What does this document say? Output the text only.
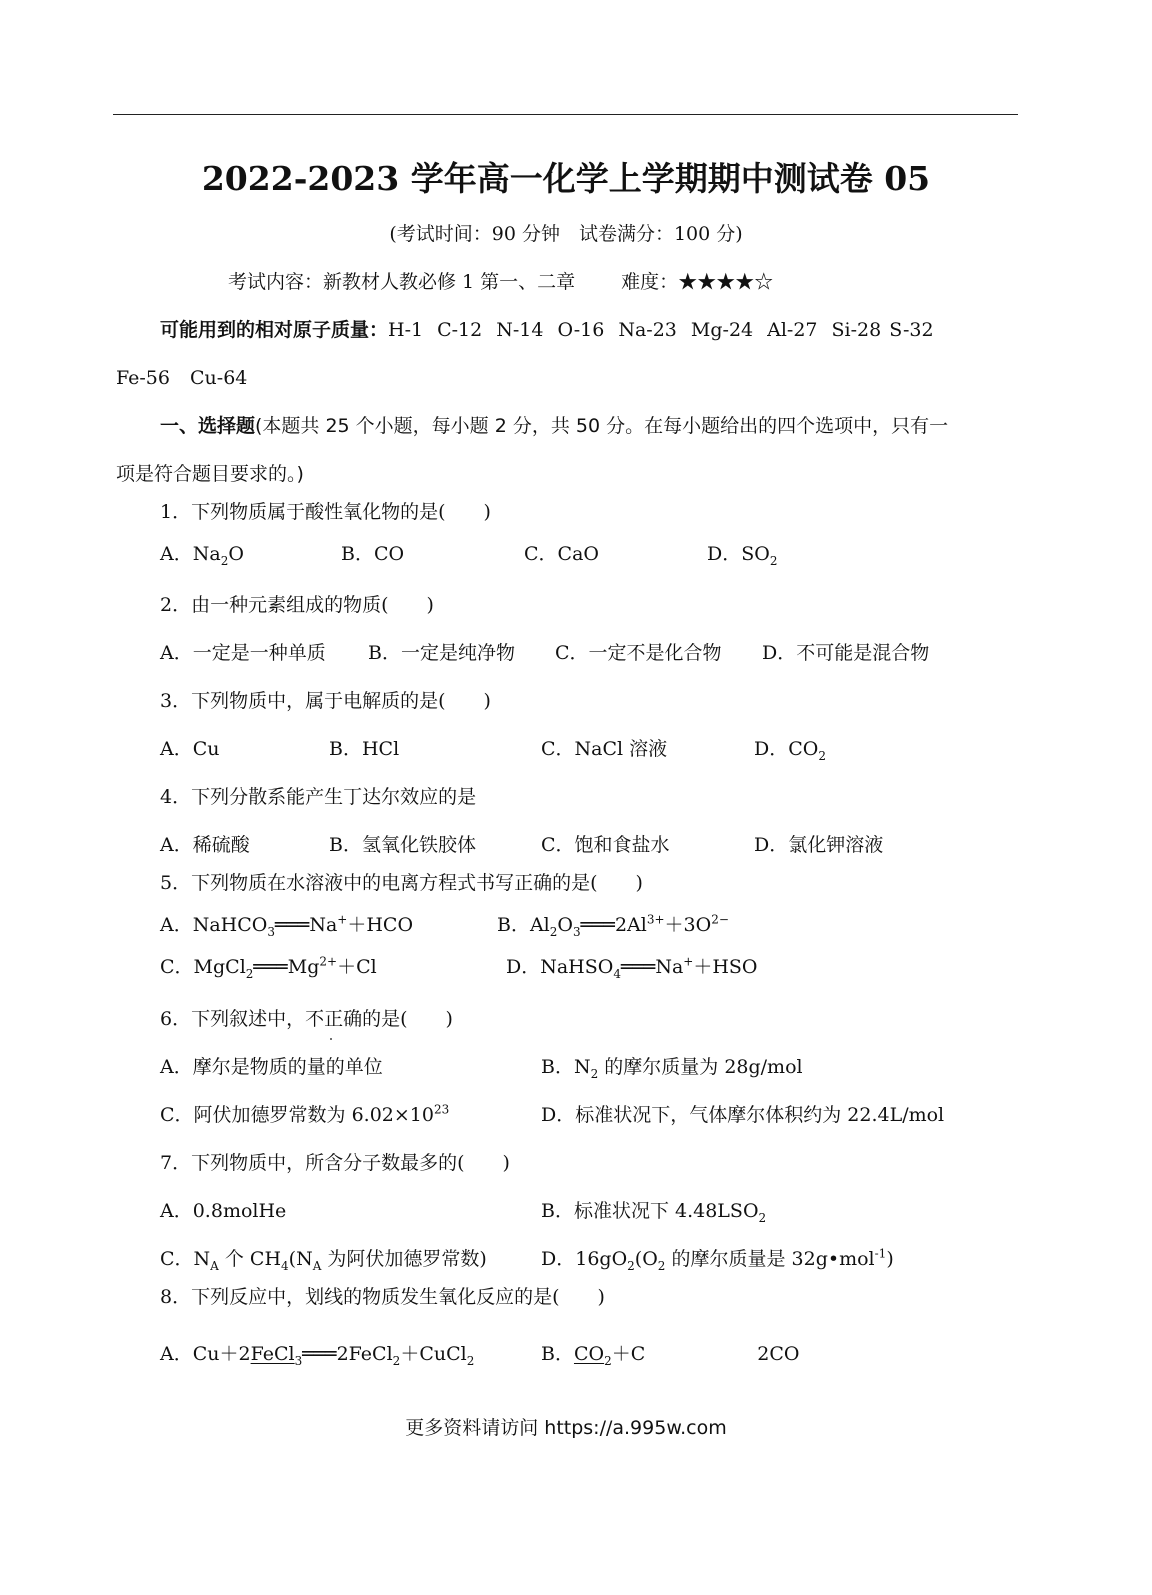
2022-2023 学年高一化学上学期期中测试卷 05
(考试时间：90 分钟　试卷满分：100 分)
考试内容：新教材人教必修 1 第一、二章 难度：★★★★☆
可能用到的相对原子质量：H-1 C-12 N-14 O-16 Na-23 Mg-24 Al-27 Si-28 S-32
Fe-56 Cu-64
一、选择题(本题共 25 个小题，每小题 2 分，共 50 分。在每小题给出的四个选项中，只有一
项是符合题目要求的。)
1．下列物质属于酸性氧化物的是(　　)
A．$Na_2O$	B．CO	C．CaO	D．$SO_2$
2．由一种元素组成的物质(　　)
A．一定是一种单质 B．一定是纯净物 C．一定不是化合物 D．不可能是混合物
3．下列物质中，属于电解质的是(　　)
A．Cu	B．HCl	C．NaCl 溶液	D．$CO_2$
4．下列分散系能产生丁达尔效应的是
A．稀硫酸	B．氢氧化铁胶体	C．饱和食盐水	D．氯化钾溶液
5．下列物质在水溶液中的电离方程式书写正确的是(　　)
A．NaHCO$_3$═══Na+＋HCO	B．$Al_2O_3═══2Al^{3+}+3O^{2-}$
C．$MgCl_2═══Mg^{2+}+Cl$	D．NaHSO$_4$═══Na+＋HSO
6．下列叙述中，不正确的是(　　)
A．摩尔是物质的量的单位	B．$N_2$ 的摩尔质量为 28g/mol
C．阿伏加德罗常数为 $6.02\times 10^{23}$	D．标准状况下，气体摩尔体积约为 22.4L/mol
7．下列物质中，所含分子数最多的(　　)
A．0.8molHe	B．标准状况下 $4.48LSO_2$
C．$N_A$ 个 $CH_4(N_A$ 为阿伏加德罗常数)	D．$16gO_2(O_2$ 的摩尔质量是 32g•mol$^{-1}$)
8．下列反应中，划线的物质发生氧化反应的是(　　)
A．Cu＋2FeCl$_3$═══2FeCl$_2$＋CuCl$_2$	B．$CO_2+C$	2CO
更多资料请访问 https://a.995w.com
